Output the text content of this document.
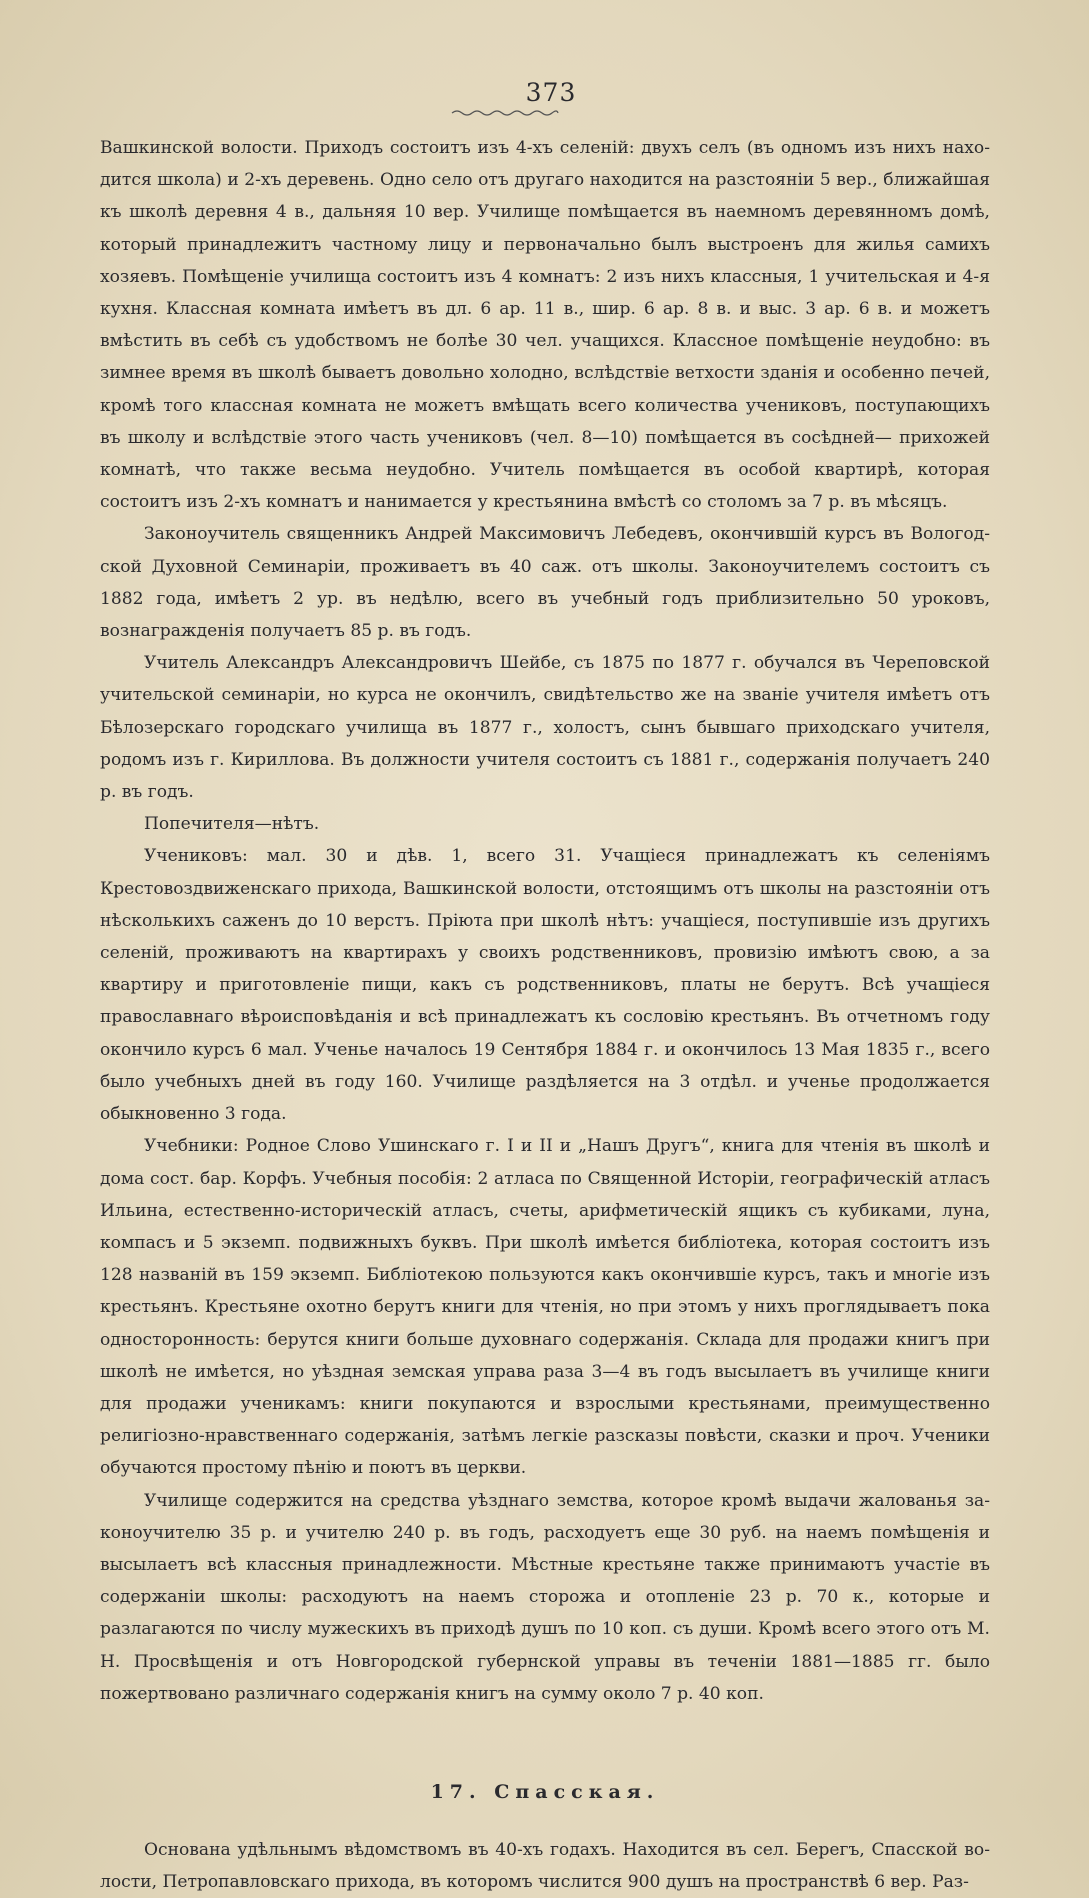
373

Вашкинской волости. Приходъ состоитъ изъ 4-хъ селеній: двухъ селъ (въ одномъ изъ нихъ находится школа) и 2-хъ деревень. Одно село отъ другаго находится на разстояніи 5 вер., ближайшая къ школѣ деревня 4 в., дальняя 10 вер. Училище помѣщается въ наемномъ деревянномъ домѣ, который принадлежитъ частному лицу и первоначально былъ выстроенъ для жилья самихъ хозяевъ. Помѣщеніе училища состоитъ изъ 4 комнатъ: 2 изъ нихъ классныя, 1 учительская и 4-я кухня. Классная комната имѣетъ въ дл. 6 ар. 11 в., шир. 6 ар. 8 в. и выс. 3 ар. 6 в. и можетъ вмѣстить въ себѣ съ удобствомъ не болѣе 30 чел. учащихся. Классное помѣщеніе неудобно: въ зимнее время въ школѣ бываетъ довольно холодно, вслѣдствіе ветхости зданія и особенно печей, кромѣ того классная комната не можетъ вмѣщать всего количества учениковъ, поступающихъ въ школу и вслѣдствіе этого часть учениковъ (чел. 8—10) помѣщается въ сосѣдней— прихожей комнатѣ, что также весьма неудобно. Учитель помѣщается въ особой квартирѣ, которая состоитъ изъ 2-хъ комнатъ и нанимается у крестьянина вмѣстѣ со столомъ за 7 р. въ мѣсяцъ.

Законоучитель священникъ Андрей Максимовичъ Лебедевъ, окончившій курсъ въ Вологодской Духовной Семинаріи, проживаетъ въ 40 саж. отъ школы. Законоучителемъ состоитъ съ 1882 года, имѣетъ 2 ур. въ недѣлю, всего въ учебный годъ приблизительно 50 уроковъ, вознагражденія получаетъ 85 р. въ годъ.

Учитель Александръ Александровичъ Шейбе, съ 1875 по 1877 г. обучался въ Череповской учительской семинаріи, но курса не окончилъ, свидѣтельство же на званіе учителя имѣетъ отъ Бѣлозерскаго городскаго училища въ 1877 г., холостъ, сынъ бывшаго приходскаго учителя, родомъ изъ г. Кириллова. Въ должности учителя состоитъ съ 1881 г., содержанія получаетъ 240 р. въ годъ.

Попечителя—нѣтъ.

Учениковъ: мал. 30 и дѣв. 1, всего 31. Учащіеся принадлежатъ къ селеніямъ Крестовоздвиженскаго прихода, Вашкинской волости, отстоящимъ отъ школы на разстояніи отъ нѣсколькихъ саженъ до 10 верстъ. Пріюта при школѣ нѣтъ: учащіеся, поступившіе изъ другихъ селеній, проживаютъ на квартирахъ у своихъ родственниковъ, провизію имѣютъ свою, а за квартиру и приготовленіе пищи, какъ съ родственниковъ, платы не берутъ. Всѣ учащіеся православнаго вѣроисповѣданія и всѣ принадлежатъ къ сословію крестьянъ. Въ отчетномъ году окончило курсъ 6 мал. Ученье началось 19 Сентября 1884 г. и окончилось 13 Мая 1835 г., всего было учебныхъ дней въ году 160. Училище раздѣляется на 3 отдѣл. и ученье продолжается обыкновенно 3 года.

Учебники: Родное Слово Ушинскаго г. I и II и „Нашъ Другъ“, книга для чтенія въ школѣ и дома сост. бар. Корфъ. Учебныя пособія: 2 атласа по Священной Исторіи, географическій атласъ Ильина, естественно-историческій атласъ, счеты, арифметическій ящикъ съ кубиками, луна, компасъ и 5 экземп. подвижныхъ буквъ. При школѣ имѣется библіотека, которая состоитъ изъ 128 названій въ 159 экземп. Библіотекою пользуются какъ окончившіе курсъ, такъ и многіе изъ крестьянъ. Крестьяне охотно берутъ книги для чтенія, но при этомъ у нихъ проглядываетъ пока односторонность: берутся книги больше духовнаго содержанія. Склада для продажи книгъ при школѣ не имѣется, но уѣздная земская управа раза 3—4 въ годъ высылаетъ въ училище книги для продажи ученикамъ: книги покупаются и взрослыми крестьянами, преимущественно религіозно-нравственнаго содержанія, затѣмъ легкіе разсказы повѣсти, сказки и проч. Ученики обучаются простому пѣнію и поютъ въ церкви.

Училище содержится на средства уѣзднаго земства, которое кромѣ выдачи жалованья законоучителю 35 р. и учителю 240 р. въ годъ, расходуетъ еще 30 руб. на наемъ помѣщенія и высылаетъ всѣ классныя принадлежности. Мѣстные крестьяне также принимаютъ участіе въ содержаніи школы: расходуютъ на наемъ сторожа и отопленіе 23 р. 70 к., которые и разлагаются по числу мужескихъ въ приходѣ душъ по 10 коп. съ души. Кромѣ всего этого отъ М. Н. Просвѣщенія и отъ Новгородской губернской управы въ теченіи 1881—1885 гг. было пожертвовано различнаго содержанія книгъ на сумму около 7 р. 40 коп.

17. Спасская.

Основана удѣльнымъ вѣдомствомъ въ 40-хъ годахъ. Находится въ сел. Берегъ, Спасской волости, Петропавловскаго прихода, въ которомъ числится 900 душъ на пространствѣ 6 вер. Раз-
